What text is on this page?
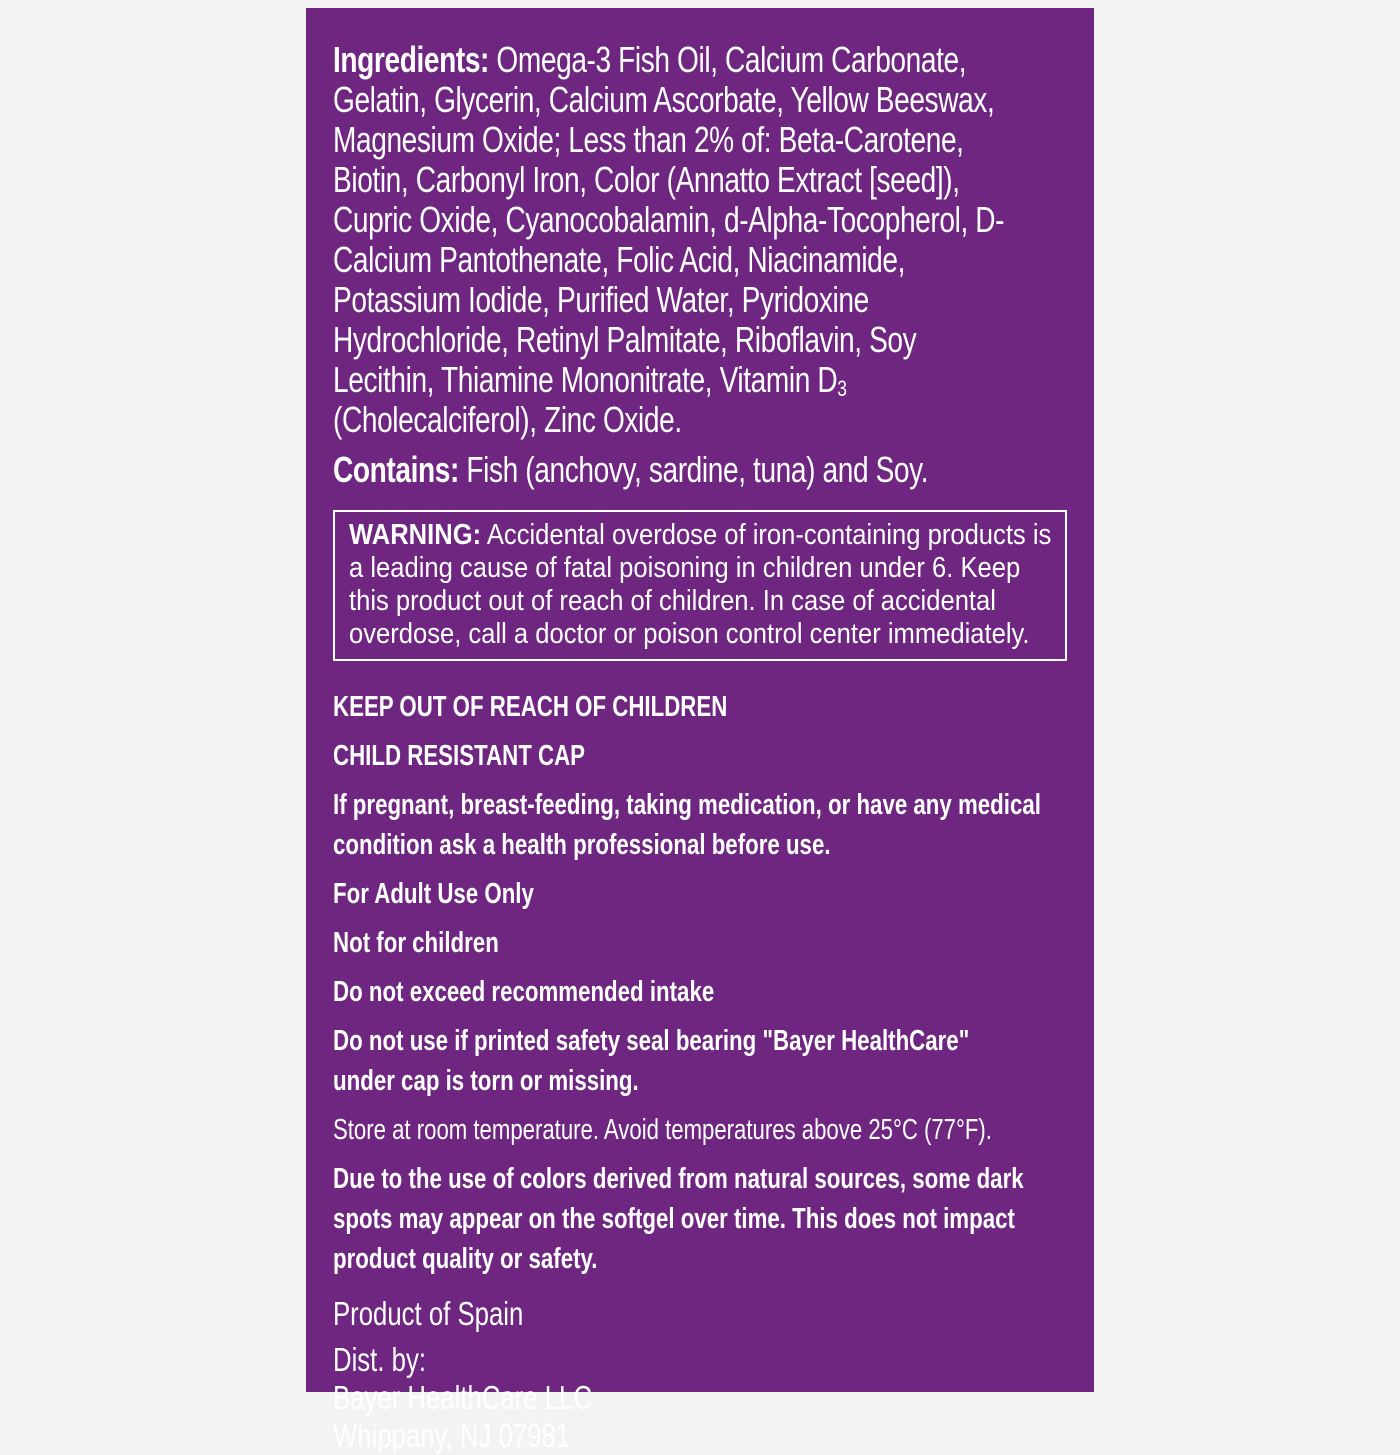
Ingredients: Omega-3 Fish Oil, Calcium Carbonate, Gelatin, Glycerin, Calcium Ascorbate, Yellow Beeswax, Magnesium Oxide; Less than 2% of: Beta-Carotene, Biotin, Carbonyl Iron, Color (Annatto Extract [seed]), Cupric Oxide, Cyanocobalamin, d-Alpha-Tocopherol, D-Calcium Pantothenate, Folic Acid, Niacinamide, Potassium Iodide, Purified Water, Pyridoxine Hydrochloride, Retinyl Palmitate, Riboflavin, Soy Lecithin, Thiamine Mononitrate, Vitamin $D_3$ (Cholecalciferol), Zinc Oxide.
Contains: Fish (anchovy, sardine, tuna) and Soy.
WARNING: Accidental overdose of iron-containing products is a leading cause of fatal poisoning in children under 6. Keep this product out of reach of children. In case of accidental overdose, call a doctor or poison control center immediately.
KEEP OUT OF REACH OF CHILDREN
CHILD RESISTANT CAP
If pregnant, breast-feeding, taking medication, or have any medical condition ask a health professional before use.
For Adult Use Only
Not for children
Do not exceed recommended intake
Do not use if printed safety seal bearing "Bayer HealthCare" under cap is torn or missing.
Store at room temperature. Avoid temperatures above 25°C (77°F).
Due to the use of colors derived from natural sources, some dark spots may appear on the softgel over time. This does not impact product quality or safety.
Product of Spain
Dist. by:
Bayer HealthCare LLC
Whippany, NJ 07981
